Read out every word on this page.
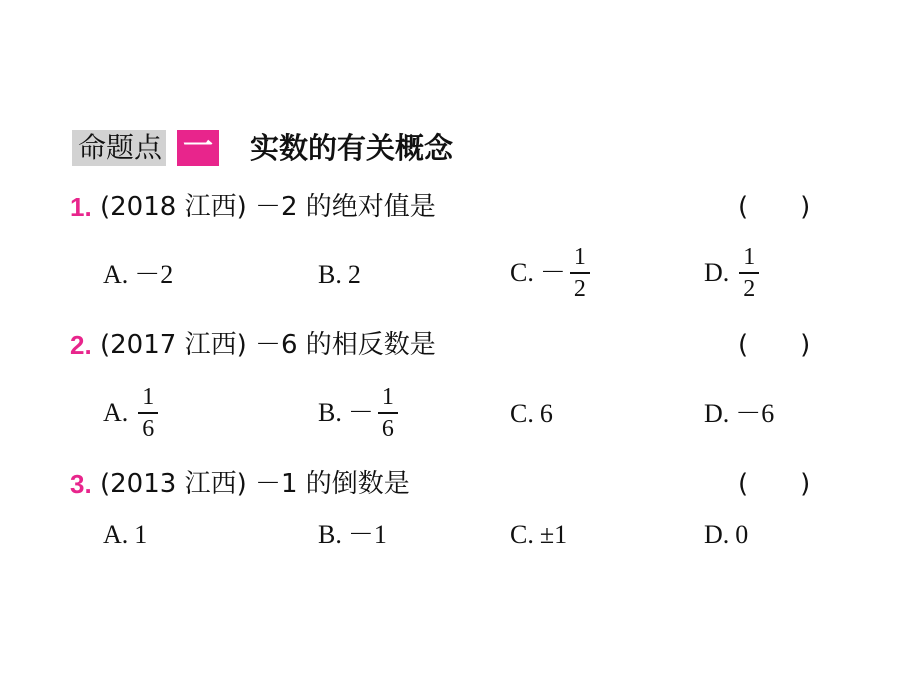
命题点 一 实数的有关概念
1. (2018 江西) －2 的绝对值是	(　　)
A. －2	B. 2	C. － $\frac{1}{2}$	D. $\frac{1}{2}$
2. (2017 江西) －6 的相反数是	(　　)
A. $\frac{1}{6}$	B. － $\frac{1}{6}$	C. 6	D. －6
3. (2013 江西) －1 的倒数是	(　　)
A. 1	B. －1	C. ±1	D. 0
